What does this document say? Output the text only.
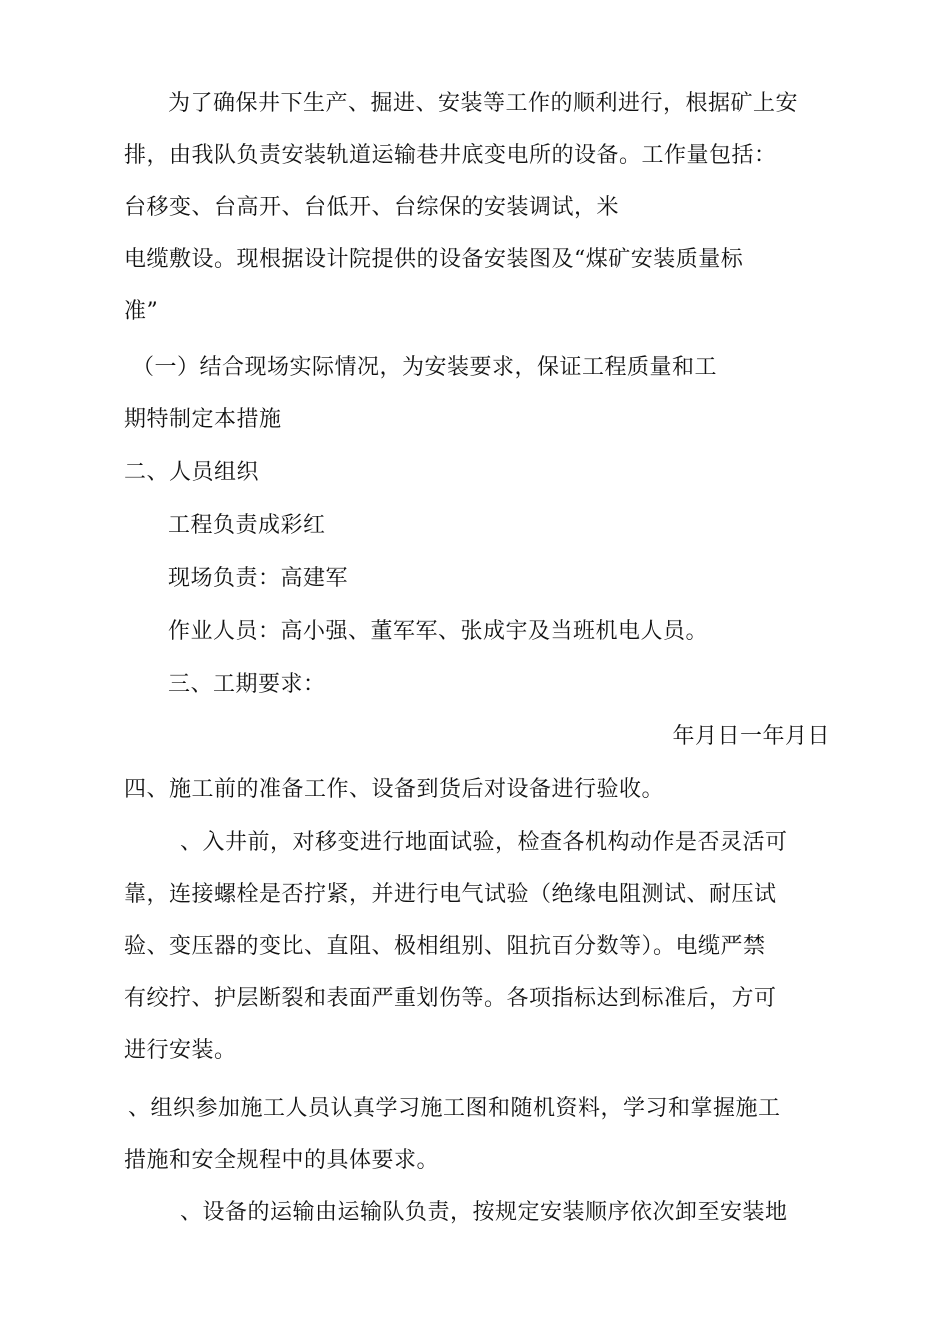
为了确保井下生产、掘进、安装等工作的顺利进行，根据矿上安
排，由我队负责安装轨道运输巷井底变电所的设备。工作量包括：
台移变、台高开、台低开、台综保的安装调试，米
电缆敷设。现根据设计院提供的设备安装图及“煤矿安装质量标
准”
（一）结合现场实际情况，为安装要求，保证工程质量和工
期特制定本措施
二、人员组织
工程负责成彩红
现场负责：高建军
作业人员：高小强、董军军、张成宇及当班机电人员。
三、工期要求：
年月日一年月日
四、施工前的准备工作、设备到货后对设备进行验收。
、入井前，对移变进行地面试验，检查各机构动作是否灵活可
靠，连接螺栓是否拧紧，并进行电气试验（绝缘电阻测试、耐压试
验、变压器的变比、直阻、极相组别、阻抗百分数等）。电缆严禁
有绞拧、护层断裂和表面严重划伤等。各项指标达到标准后，方可
进行安装。
、组织参加施工人员认真学习施工图和随机资料，学习和掌握施工
措施和安全规程中的具体要求。
、设备的运输由运输队负责，按规定安装顺序依次卸至安装地
